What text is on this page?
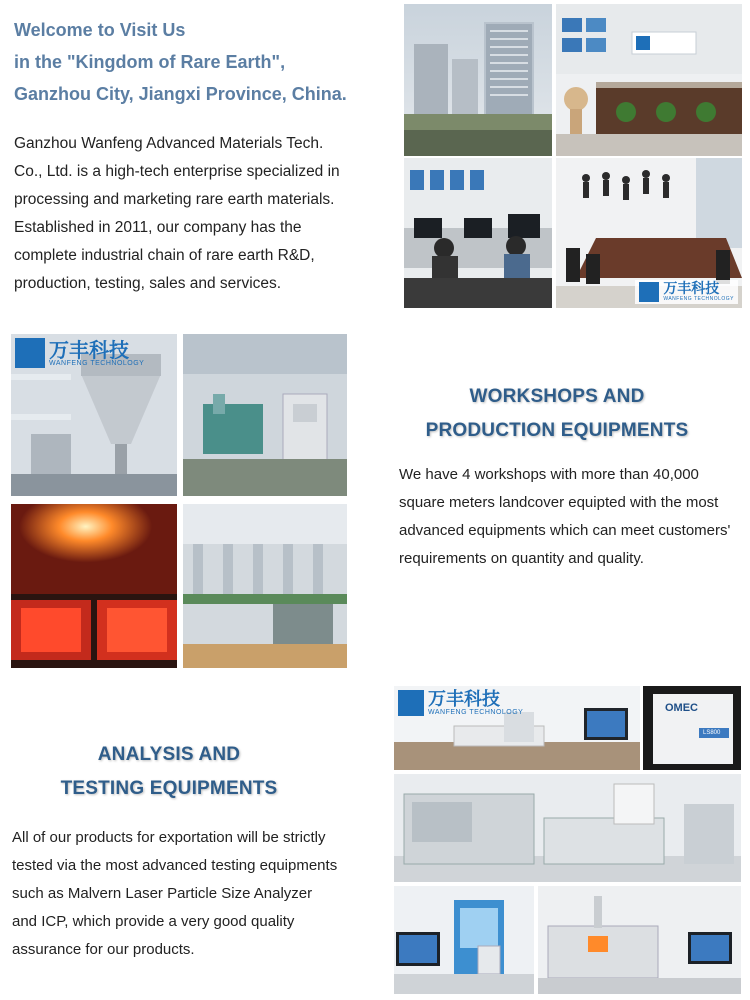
Welcome to Visit Us
in the "Kingdom of Rare Earth",
Ganzhou City, Jiangxi Province, China.
Ganzhou Wanfeng Advanced Materials Tech.
Co., Ltd. is a high-tech enterprise specialized in
processing and marketing rare earth materials.
Established in 2011, our company has the
complete industrial chain of rare earth R&D,
production, testing, sales and services.	万丰科技
WANFENG TECHNOLOGY
万丰科技
WANFENG TECHNOLOGY
WORKSHOPS AND
PRODUCTION EQUIPMENTS
We have 4 workshops with more than 40,000
square meters landcover equipted with the most
advanced equipments which can meet customers'
requirements on quantity and quality.
ANALYSIS AND
TESTING EQUIPMENTS
All of our products for exportation will be strictly
tested via the most advanced testing equipments
such as Malvern Laser Particle Size Analyzer
and ICP, which provide a very good quality
assurance for our products.
万丰科技
WANFENG TECHNOLOGY	OMEC
LS800
